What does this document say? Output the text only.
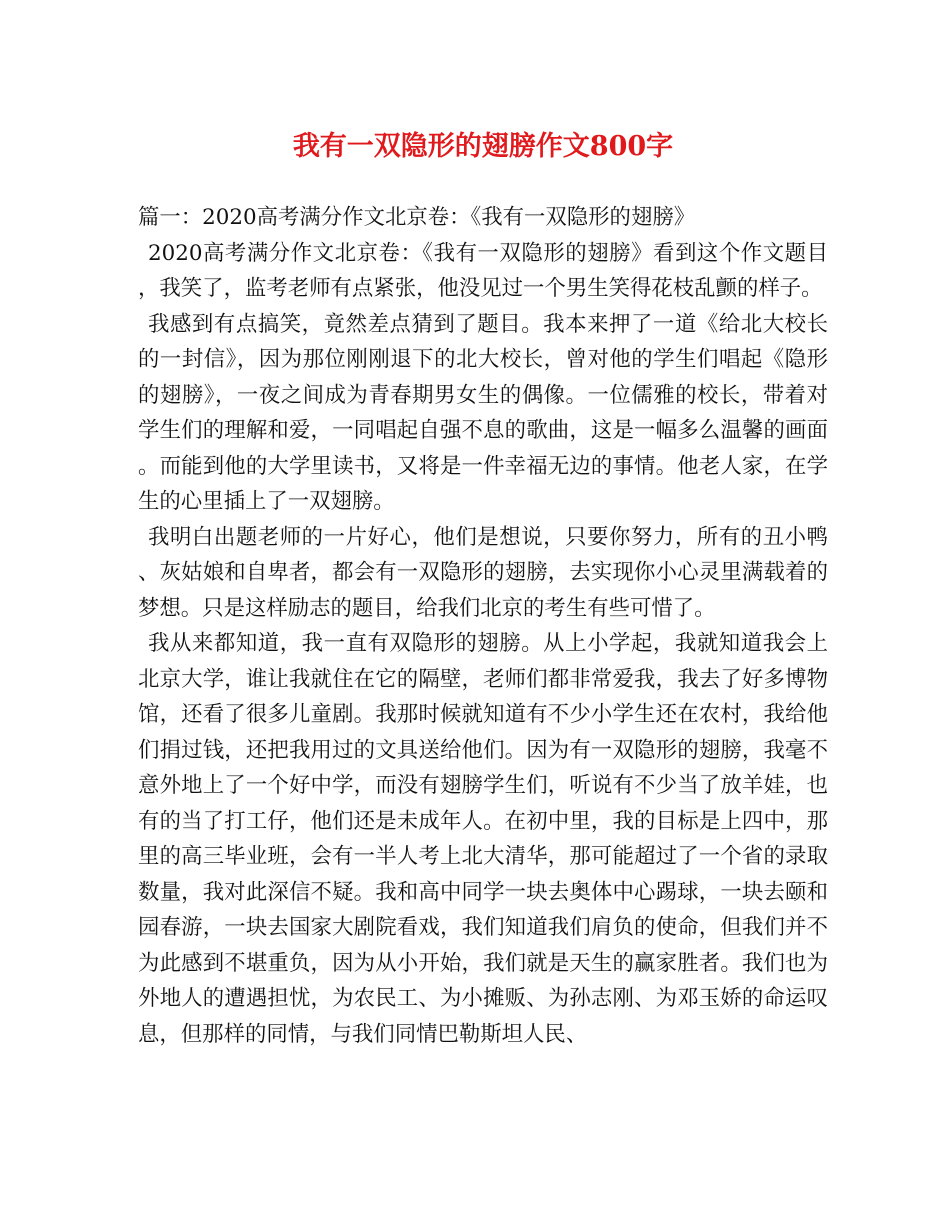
我有一双隐形的翅膀作文800字

篇一：2020高考满分作文北京卷：《我有一双隐形的翅膀》

2020高考满分作文北京卷：《我有一双隐形的翅膀》看到这个作文题目，我笑了，监考老师有点紧张，他没见过一个男生笑得花枝乱颤的样子。

我感到有点搞笑，竟然差点猜到了题目。我本来押了一道《给北大校长的一封信》，因为那位刚刚退下的北大校长，曾对他的学生们唱起《隐形的翅膀》，一夜之间成为青春期男女生的偶像。一位儒雅的校长，带着对学生们的理解和爱，一同唱起自强不息的歌曲，这是一幅多么温馨的画面。而能到他的大学里读书，又将是一件幸福无边的事情。他老人家，在学生的心里插上了一双翅膀。

我明白出题老师的一片好心，他们是想说，只要你努力，所有的丑小鸭、灰姑娘和自卑者，都会有一双隐形的翅膀，去实现你小心灵里满载着的梦想。只是这样励志的题目，给我们北京的考生有些可惜了。

我从来都知道，我一直有双隐形的翅膀。从上小学起，我就知道我会上北京大学，谁让我就住在它的隔壁，老师们都非常爱我，我去了好多博物馆，还看了很多儿童剧。我那时候就知道有不少小学生还在农村，我给他们捐过钱，还把我用过的文具送给他们。因为有一双隐形的翅膀，我毫不意外地上了一个好中学，而没有翅膀学生们，听说有不少当了放羊娃，也有的当了打工仔，他们还是未成年人。在初中里，我的目标是上四中，那里的高三毕业班，会有一半人考上北大清华，那可能超过了一个省的录取数量，我对此深信不疑。我和高中同学一块去奥体中心踢球，一块去颐和园春游，一块去国家大剧院看戏，我们知道我们肩负的使命，但我们并不为此感到不堪重负，因为从小开始，我们就是天生的赢家胜者。我们也为外地人的遭遇担忧，为农民工、为小摊贩、为孙志刚、为邓玉娇的命运叹息，但那样的同情，与我们同情巴勒斯坦人民、
